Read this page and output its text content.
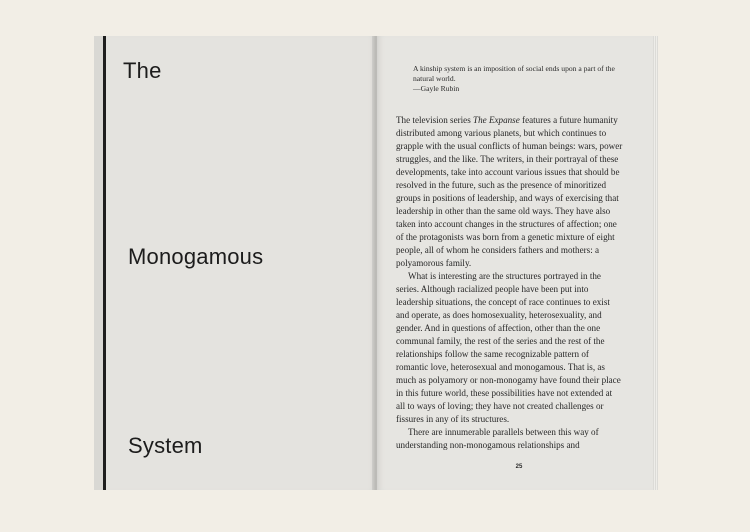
The
Monogamous
System
A kinship system is an imposition of social ends upon a part of the natural world.
—Gayle Rubin
The television series The Expanse features a future humanity distributed among various planets, but which continues to grapple with the usual conflicts of human beings: wars, power struggles, and the like. The writers, in their portrayal of these developments, take into account various issues that should be resolved in the future, such as the presence of minoritized groups in positions of leadership, and ways of exercising that leadership in other than the same old ways. They have also taken into account changes in the structures of affection; one of the protagonists was born from a genetic mixture of eight people, all of whom he considers fathers and mothers: a polyamorous family.
What is interesting are the structures portrayed in the series. Although racialized people have been put into leadership situations, the concept of race continues to exist and operate, as does homosexuality, heterosexuality, and gender. And in questions of affection, other than the one communal family, the rest of the series and the rest of the relationships follow the same recognizable pattern of romantic love, heterosexual and monogamous. That is, as much as polyamory or non-monogamy have found their place in this future world, these possibilities have not extended at all to ways of loving; they have not created challenges or fissures in any of its structures.
There are innumerable parallels between this way of understanding non-monogamous relationships and
25
